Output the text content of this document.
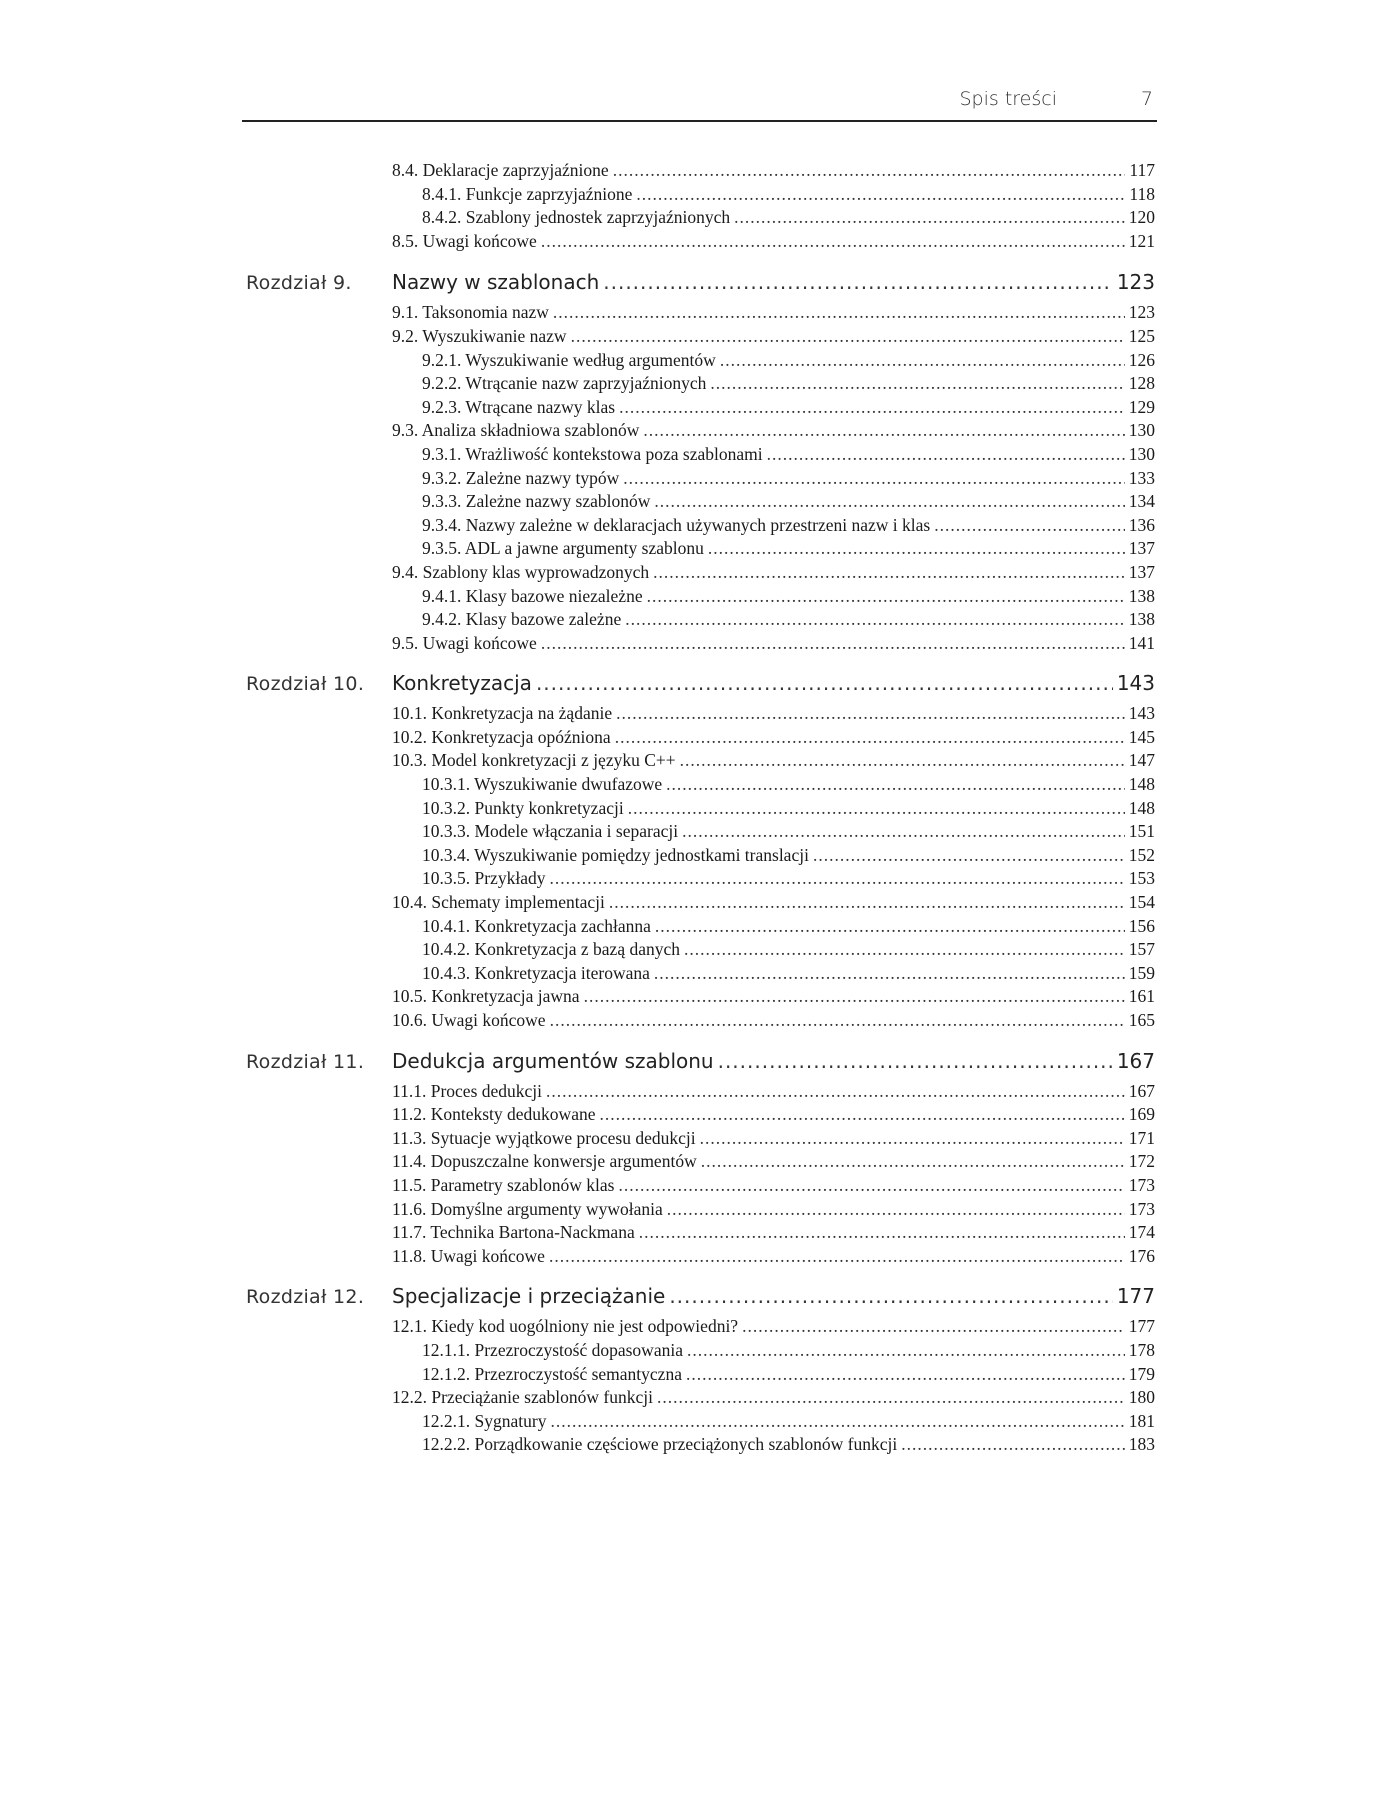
Spis treści	7
8.4. Deklaracje zaprzyjaźnione .....	117
8.4.1. Funkcje zaprzyjaźnione .....	118
8.4.2. Szablony jednostek zaprzyjaźnionych .....	120
8.5. Uwagi końcowe .....	121
Rozdział 9. Nazwy w szablonach .....	123
9.1. Taksonomia nazw .....	123
9.2. Wyszukiwanie nazw .....	125
9.2.1. Wyszukiwanie według argumentów .....	126
9.2.2. Wtrącanie nazw zaprzyjaźnionych .....	128
9.2.3. Wtrącane nazwy klas .....	129
9.3. Analiza składniowa szablonów .....	130
9.3.1. Wrażliwość kontekstowa poza szablonami .....	130
9.3.2. Zależne nazwy typów .....	133
9.3.3. Zależne nazwy szablonów .....	134
9.3.4. Nazwy zależne w deklaracjach używanych przestrzeni nazw i klas .....	136
9.3.5. ADL a jawne argumenty szablonu .....	137
9.4. Szablony klas wyprowadzonych .....	137
9.4.1. Klasy bazowe niezależne .....	138
9.4.2. Klasy bazowe zależne .....	138
9.5. Uwagi końcowe .....	141
Rozdział 10. Konkretyzacja .....	143
10.1. Konkretyzacja na żądanie .....	143
10.2. Konkretyzacja opóźniona .....	145
10.3. Model konkretyzacji z języku C++ .....	147
10.3.1. Wyszukiwanie dwufazowe .....	148
10.3.2. Punkty konkretyzacji .....	148
10.3.3. Modele włączania i separacji .....	151
10.3.4. Wyszukiwanie pomiędzy jednostkami translacji .....	152
10.3.5. Przykłady .....	153
10.4. Schematy implementacji .....	154
10.4.1. Konkretyzacja zachłanna .....	156
10.4.2. Konkretyzacja z bazą danych .....	157
10.4.3. Konkretyzacja iterowana .....	159
10.5. Konkretyzacja jawna .....	161
10.6. Uwagi końcowe .....	165
Rozdział 11. Dedukcja argumentów szablonu .....	167
11.1. Proces dedukcji .....	167
11.2. Konteksty dedukowane .....	169
11.3. Sytuacje wyjątkowe procesu dedukcji .....	171
11.4. Dopuszczalne konwersje argumentów .....	172
11.5. Parametry szablonów klas .....	173
11.6. Domyślne argumenty wywołania .....	173
11.7. Technika Bartona-Nackmana .....	174
11.8. Uwagi końcowe .....	176
Rozdział 12. Specjalizacje i przeciążanie .....	177
12.1. Kiedy kod uogólniony nie jest odpowiedni? .....	177
12.1.1. Przezroczystość dopasowania .....	178
12.1.2. Przezroczystość semantyczna .....	179
12.2. Przeciążanie szablonów funkcji .....	180
12.2.1. Sygnatury .....	181
12.2.2. Porządkowanie częściowe przeciążonych szablonów funkcji .....	183
